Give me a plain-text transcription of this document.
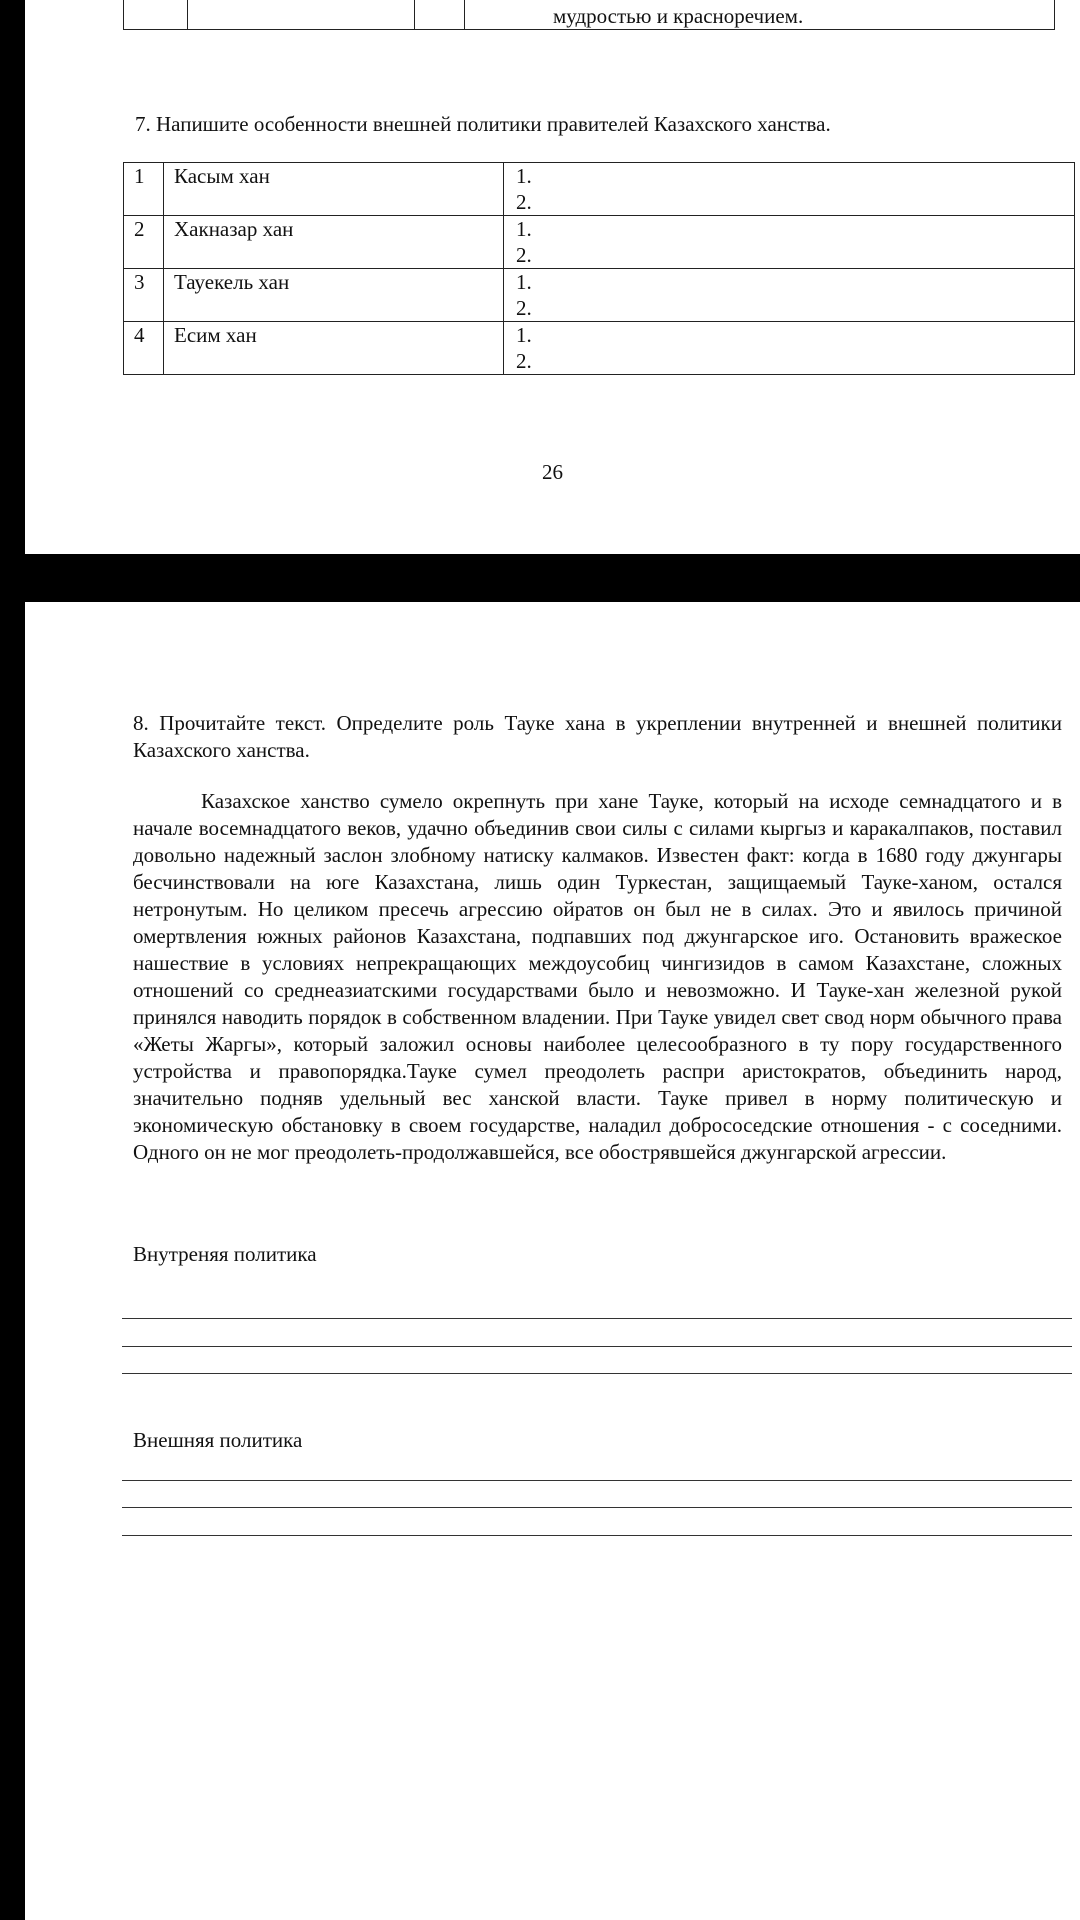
мудростью и красноречием.
7. Напишите особенности внешней политики правителей Казахского ханства.
1	Касым хан	1.
2.

2	Хакназар хан	1.
2.

3	Тауекель хан	1.
2.

4	Есим хан	1.
2.
26
8. Прочитайте текст. Определите роль Тауке хана в укреплении внутренней и внешней политики Казахского ханства.
Казахское ханство сумело окрепнуть при хане Тауке, который на исходе семнадцатого и в начале восемнадцатого веков, удачно объединив свои силы с силами кыргыз и каракалпаков, поставил довольно надежный заслон злобному натиску калмаков. Известен факт: когда в 1680 году джунгары бесчинствовали на юге Казахстана, лишь один Туркестан, защищаемый Тауке-ханом, остался нетронутым. Но целиком пресечь агрессию ойратов он был не в силах. Это и явилось причиной омертвления южных районов Казахстана, подпавших под джунгарское иго. Остановить вражеское нашествие в условиях непрекращающих междоусобиц чингизидов в самом Казахстане, сложных отношений со среднеазиатскими государствами было и невозможно. И Тауке-хан железной рукой принялся наводить порядок в собственном владении. При Тауке увидел свет свод норм обычного права «Жеты Жаргы», который заложил основы наиболее целесообразного в ту пору государственного устройства и правопорядка.Тауке сумел преодолеть распри аристократов, объединить народ, значительно подняв удельный вес ханской власти. Тауке привел в норму политическую и экономическую обстановку в своем государстве, наладил добрососедские отношения - с соседними. Одного он не мог преодолеть-продолжавшейся, все обострявшейся джунгарской агрессии.
Внутреняя политика
Внешняя политика
